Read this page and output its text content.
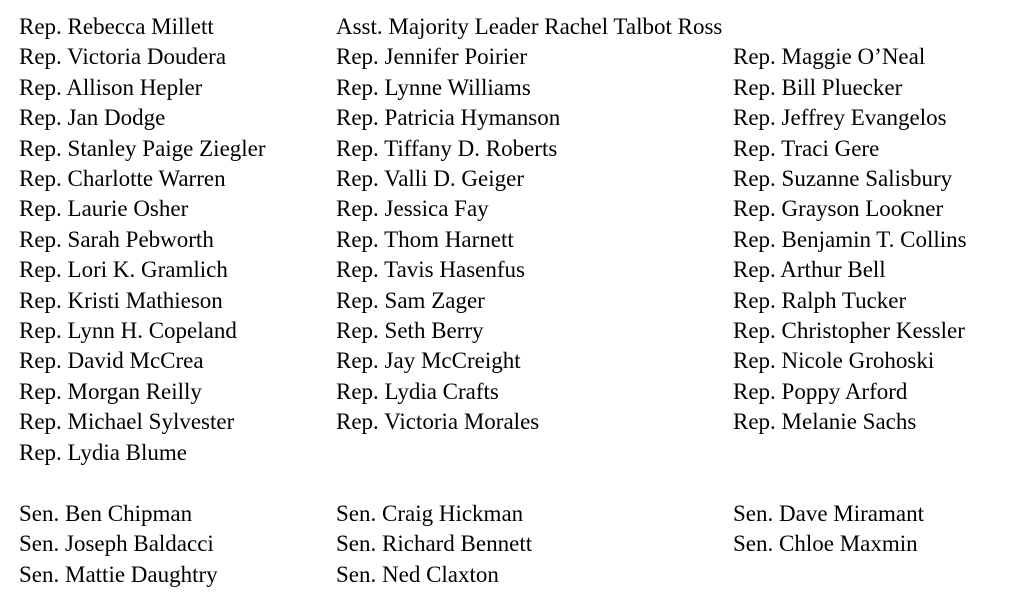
Rep. Rebecca Millett
Rep. Victoria Doudera
Rep. Allison Hepler
Rep. Jan Dodge
Rep. Stanley Paige Ziegler
Rep. Charlotte Warren
Rep. Laurie Osher
Rep. Sarah Pebworth
Rep. Lori K. Gramlich
Rep. Kristi Mathieson
Rep. Lynn H. Copeland
Rep. David McCrea
Rep. Morgan Reilly
Rep. Michael Sylvester
Rep. Lydia Blume
Sen. Ben Chipman
Sen. Joseph Baldacci
Sen. Mattie Daughtry
Asst. Majority Leader Rachel Talbot Ross
Rep. Jennifer Poirier
Rep. Lynne Williams
Rep. Patricia Hymanson
Rep. Tiffany D. Roberts
Rep. Valli D. Geiger
Rep. Jessica Fay
Rep. Thom Harnett
Rep. Tavis Hasenfus
Rep. Sam Zager
Rep. Seth Berry
Rep. Jay McCreight
Rep. Lydia Crafts
Rep. Victoria Morales
Sen. Craig Hickman
Sen. Richard Bennett
Sen. Ned Claxton
Rep. Maggie O’Neal
Rep. Bill Pluecker
Rep. Jeffrey Evangelos
Rep. Traci Gere
Rep. Suzanne Salisbury
Rep. Grayson Lookner
Rep. Benjamin T. Collins
Rep. Arthur Bell
Rep. Ralph Tucker
Rep. Christopher Kessler
Rep. Nicole Grohoski
Rep. Poppy Arford
Rep. Melanie Sachs
Sen. Dave Miramant
Sen. Chloe Maxmin
